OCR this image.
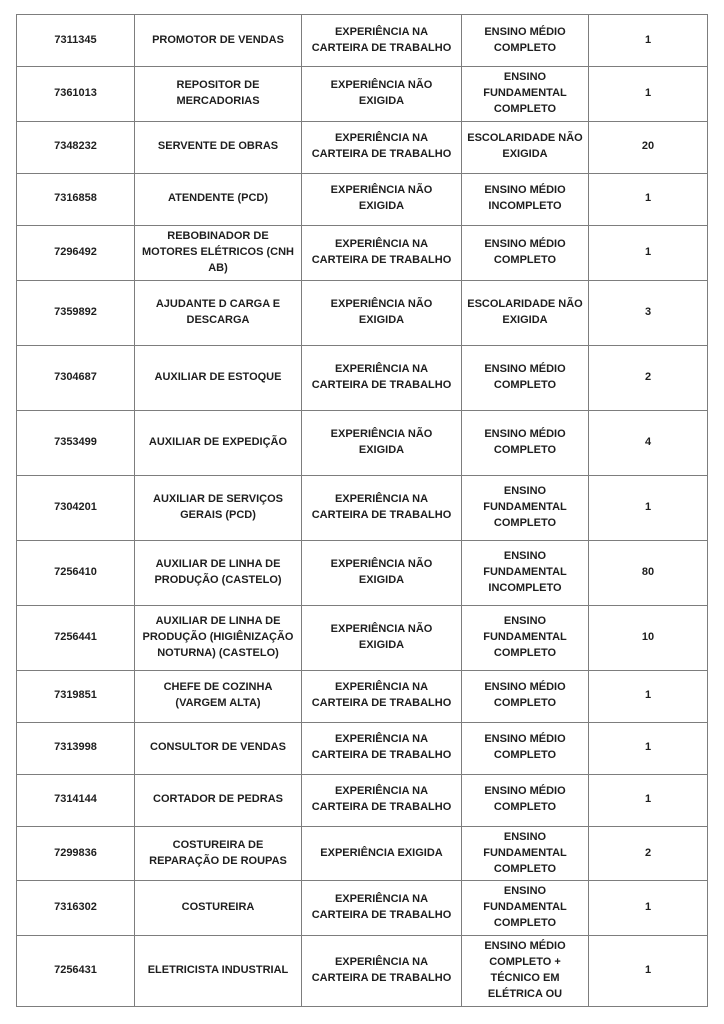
7311345	PROMOTOR DE VENDAS	EXPERIÊNCIA NA CARTEIRA DE TRABALHO	ENSINO MÉDIO COMPLETO	1
7361013	REPOSITOR DE MERCADORIAS	EXPERIÊNCIA NÃO EXIGIDA	ENSINO FUNDAMENTAL COMPLETO	1
7348232	SERVENTE DE OBRAS	EXPERIÊNCIA NA CARTEIRA DE TRABALHO	ESCOLARIDADE NÃO EXIGIDA	20
7316858	ATENDENTE (PCD)	EXPERIÊNCIA NÃO EXIGIDA	ENSINO MÉDIO INCOMPLETO	1
7296492	REBOBINADOR DE MOTORES ELÉTRICOS (CNH AB)	EXPERIÊNCIA NA CARTEIRA DE TRABALHO	ENSINO MÉDIO COMPLETO	1
7359892	AJUDANTE D CARGA E DESCARGA	EXPERIÊNCIA NÃO EXIGIDA	ESCOLARIDADE NÃO EXIGIDA	3
7304687	AUXILIAR DE ESTOQUE	EXPERIÊNCIA NA CARTEIRA DE TRABALHO	ENSINO MÉDIO COMPLETO	2
7353499	AUXILIAR DE EXPEDIÇÃO	EXPERIÊNCIA NÃO EXIGIDA	ENSINO MÉDIO COMPLETO	4
7304201	AUXILIAR DE SERVIÇOS GERAIS (PCD)	EXPERIÊNCIA NA CARTEIRA DE TRABALHO	ENSINO FUNDAMENTAL COMPLETO	1
7256410	AUXILIAR DE LINHA DE PRODUÇÃO (CASTELO)	EXPERIÊNCIA NÃO EXIGIDA	ENSINO FUNDAMENTAL INCOMPLETO	80
7256441	AUXILIAR DE LINHA DE PRODUÇÃO (HIGIÊNIZAÇÃO NOTURNA) (CASTELO)	EXPERIÊNCIA NÃO EXIGIDA	ENSINO FUNDAMENTAL COMPLETO	10
7319851	CHEFE DE COZINHA (VARGEM ALTA)	EXPERIÊNCIA NA CARTEIRA DE TRABALHO	ENSINO MÉDIO COMPLETO	1
7313998	CONSULTOR DE VENDAS	EXPERIÊNCIA NA CARTEIRA DE TRABALHO	ENSINO MÉDIO COMPLETO	1
7314144	CORTADOR DE PEDRAS	EXPERIÊNCIA NA CARTEIRA DE TRABALHO	ENSINO MÉDIO COMPLETO	1
7299836	COSTUREIRA DE REPARAÇÃO DE ROUPAS	EXPERIÊNCIA EXIGIDA	ENSINO FUNDAMENTAL COMPLETO	2
7316302	COSTUREIRA	EXPERIÊNCIA NA CARTEIRA DE TRABALHO	ENSINO FUNDAMENTAL COMPLETO	1
7256431	ELETRICISTA INDUSTRIAL	EXPERIÊNCIA NA CARTEIRA DE TRABALHO	ENSINO MÉDIO COMPLETO + TÉCNICO EM ELÉTRICA OU	1
